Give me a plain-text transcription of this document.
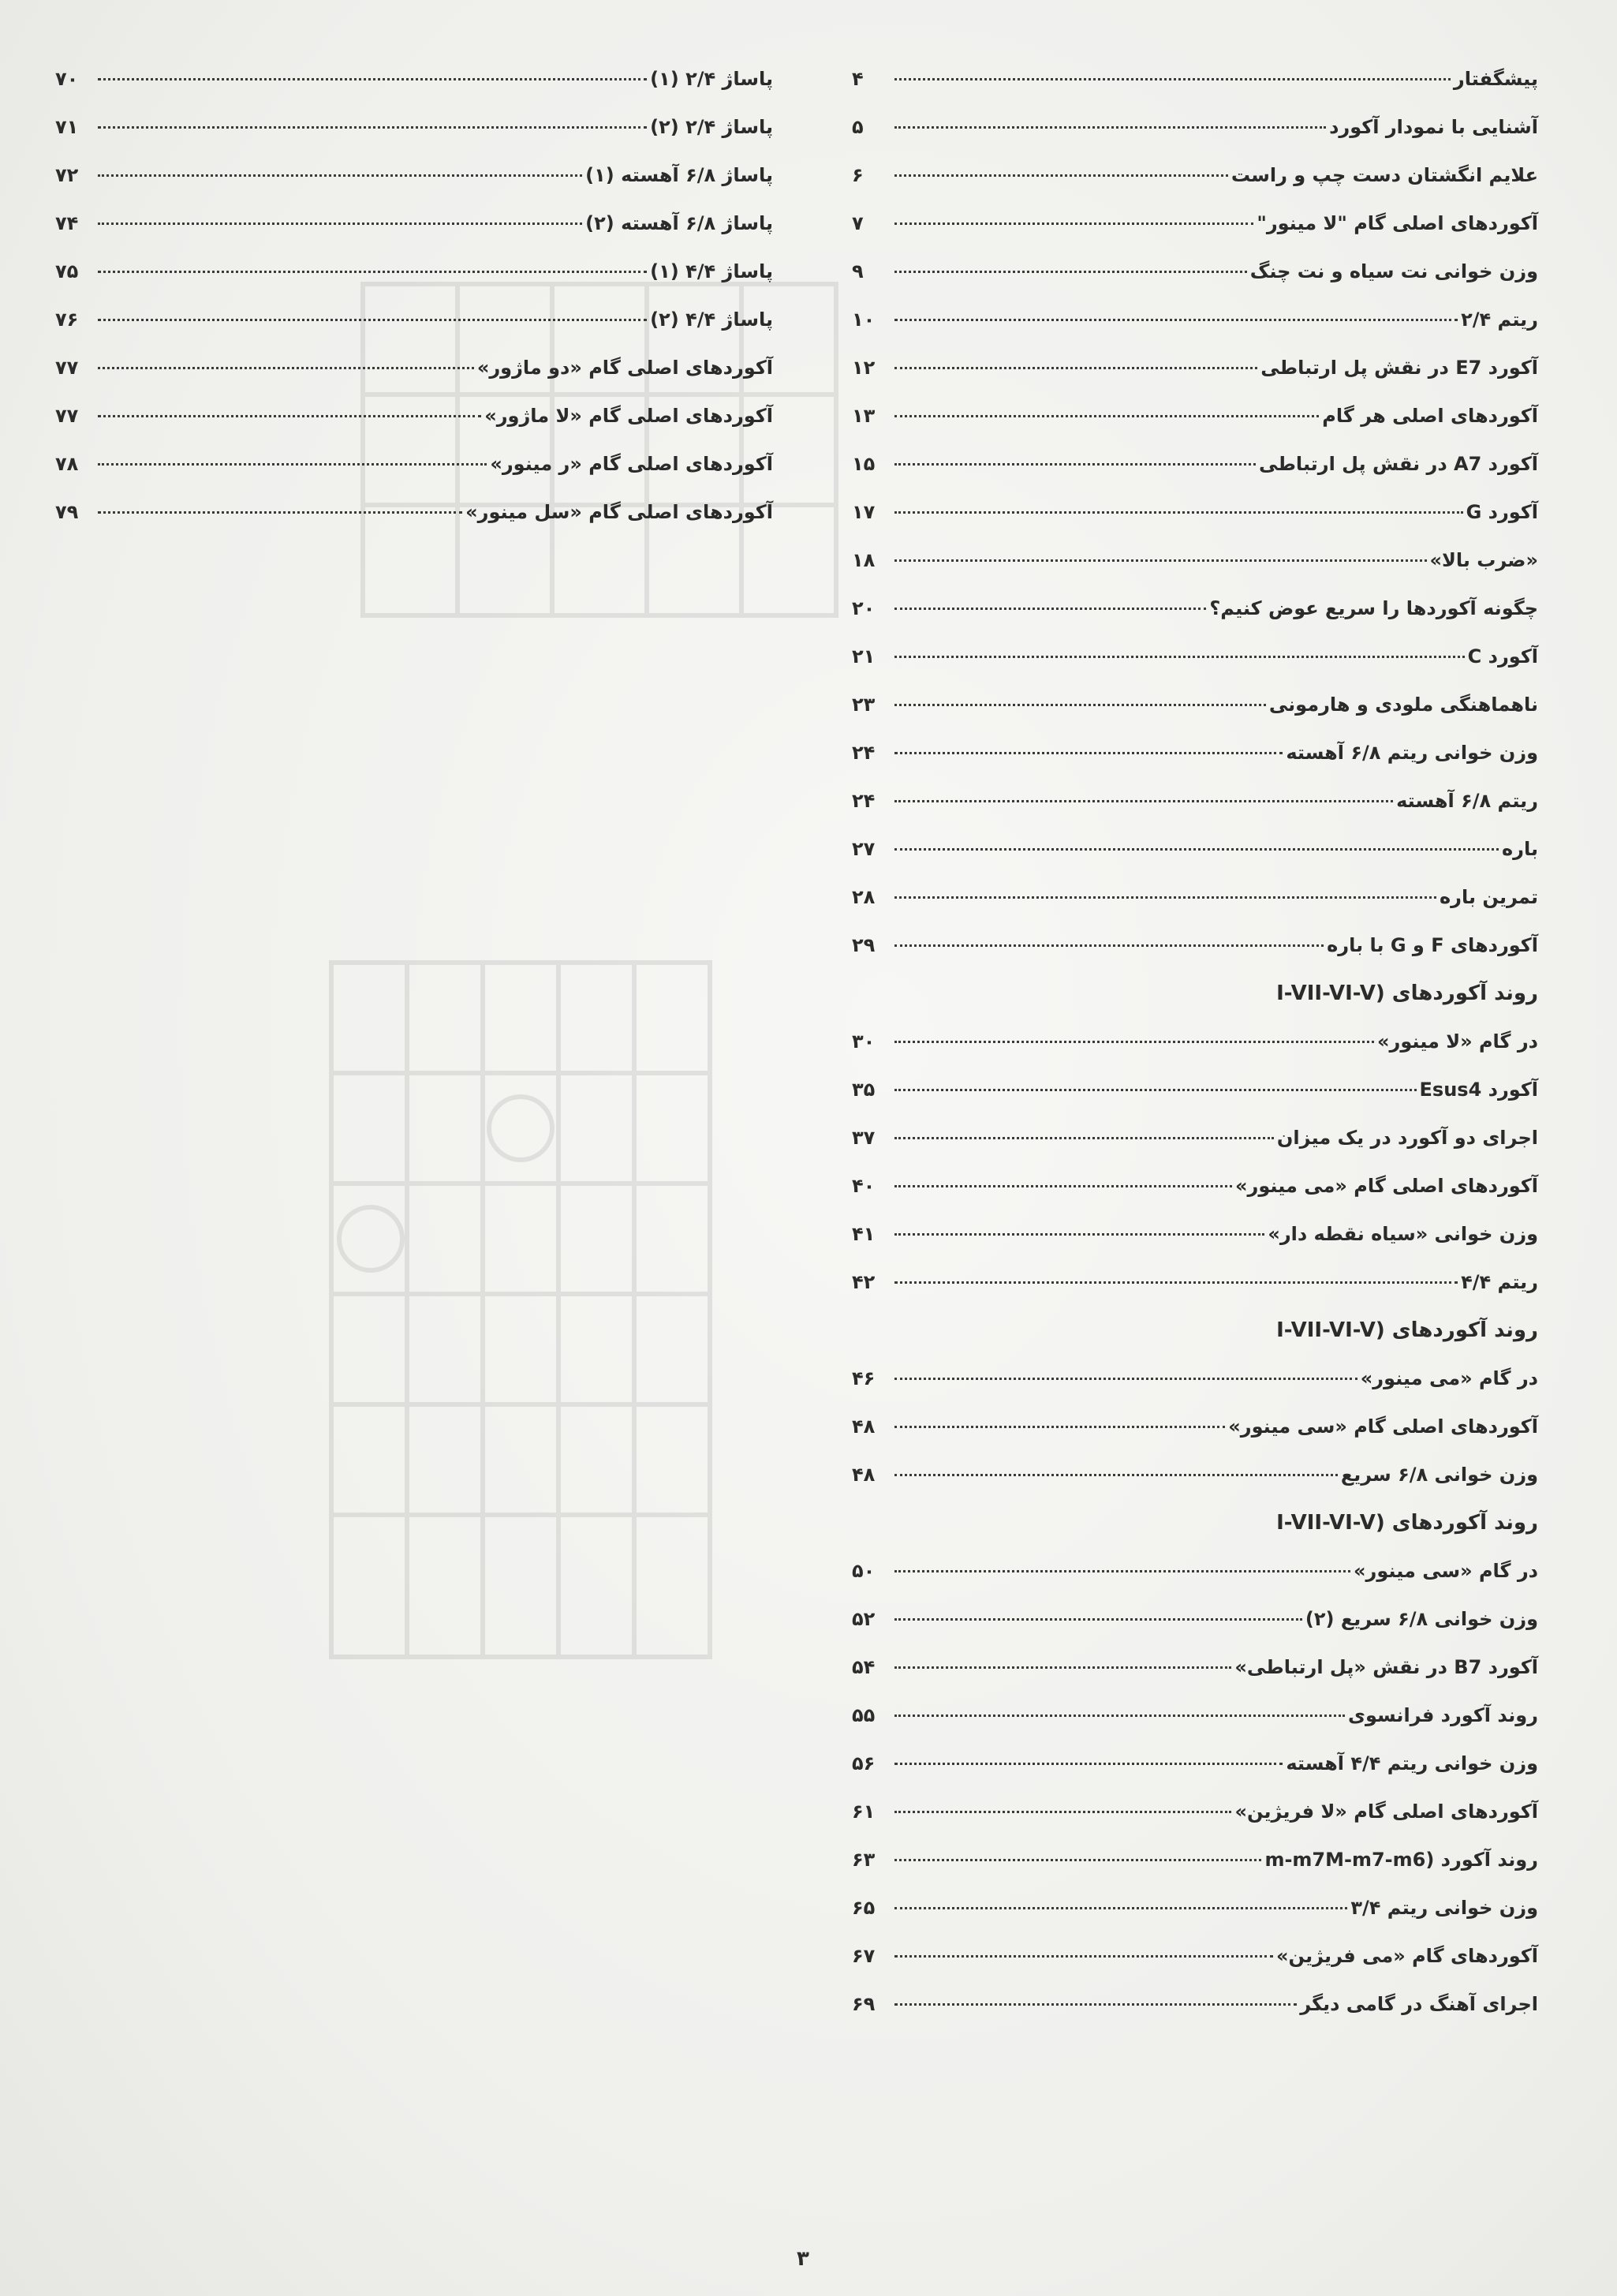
پیشگفتار
۴
آشنایی با نمودار آکورد
۵
علایم انگشتان دست چپ و راست
۶
آکوردهای اصلی گام "لا مینور"
۷
وزن خوانی نت سیاه و نت چنگ
۹
ریتم ۲/۴
۱۰
آکورد E7 در نقش پل ارتباطی
۱۲
آکوردهای اصلی هر گام
۱۳
آکورد A7 در نقش پل ارتباطی
۱۵
آکورد G
۱۷
«ضرب بالا»
۱۸
چگونه آکوردها را سریع عوض کنیم؟
۲۰
آکورد C
۲۱
ناهماهنگی ملودی و هارمونی
۲۳
وزن خوانی ریتم ۶/۸ آهسته
۲۴
ریتم ۶/۸ آهسته
۲۴
باره
۲۷
تمرین باره
۲۸
آکوردهای F و G با باره
۲۹
روند آکوردهای (I-VII-VI-V
در گام «لا مینور»
۳۰
آکورد Esus4
۳۵
اجرای دو آکورد در یک میزان
۳۷
آکوردهای اصلی گام «می مینور»
۴۰
وزن خوانی «سیاه نقطه دار»
۴۱
ریتم ۴/۴
۴۲
روند آکوردهای (I-VII-VI-V
در گام «می مینور»
۴۶
آکوردهای اصلی گام «سی مینور»
۴۸
وزن خوانی ۶/۸ سریع
۴۸
روند آکوردهای (I-VII-VI-V
در گام «سی مینور»
۵۰
وزن خوانی ۶/۸ سریع (۲)
۵۲
آکورد B7 در نقش «پل ارتباطی»
۵۴
روند آکورد فرانسوی
۵۵
وزن خوانی ریتم ۴/۴ آهسته
۵۶
آکوردهای اصلی گام «لا فریژین»
۶۱
روند آکورد (m-m7M-m7-m6
۶۳
وزن خوانی ریتم ۳/۴
۶۵
آکوردهای گام «می فریژین»
۶۷
اجرای آهنگ در گامی دیگر
۶۹
پاساژ ۲/۴ (۱)
۷۰
پاساژ ۲/۴ (۲)
۷۱
پاساژ ۶/۸ آهسته (۱)
۷۲
پاساژ ۶/۸ آهسته (۲)
۷۴
پاساژ ۴/۴ (۱)
۷۵
پاساژ ۴/۴ (۲)
۷۶
آکوردهای اصلی گام «دو ماژور»
۷۷
آکوردهای اصلی گام «لا ماژور»
۷۷
آکوردهای اصلی گام «ر مینور»
۷۸
آکوردهای اصلی گام «سل مینور»
۷۹
۳
